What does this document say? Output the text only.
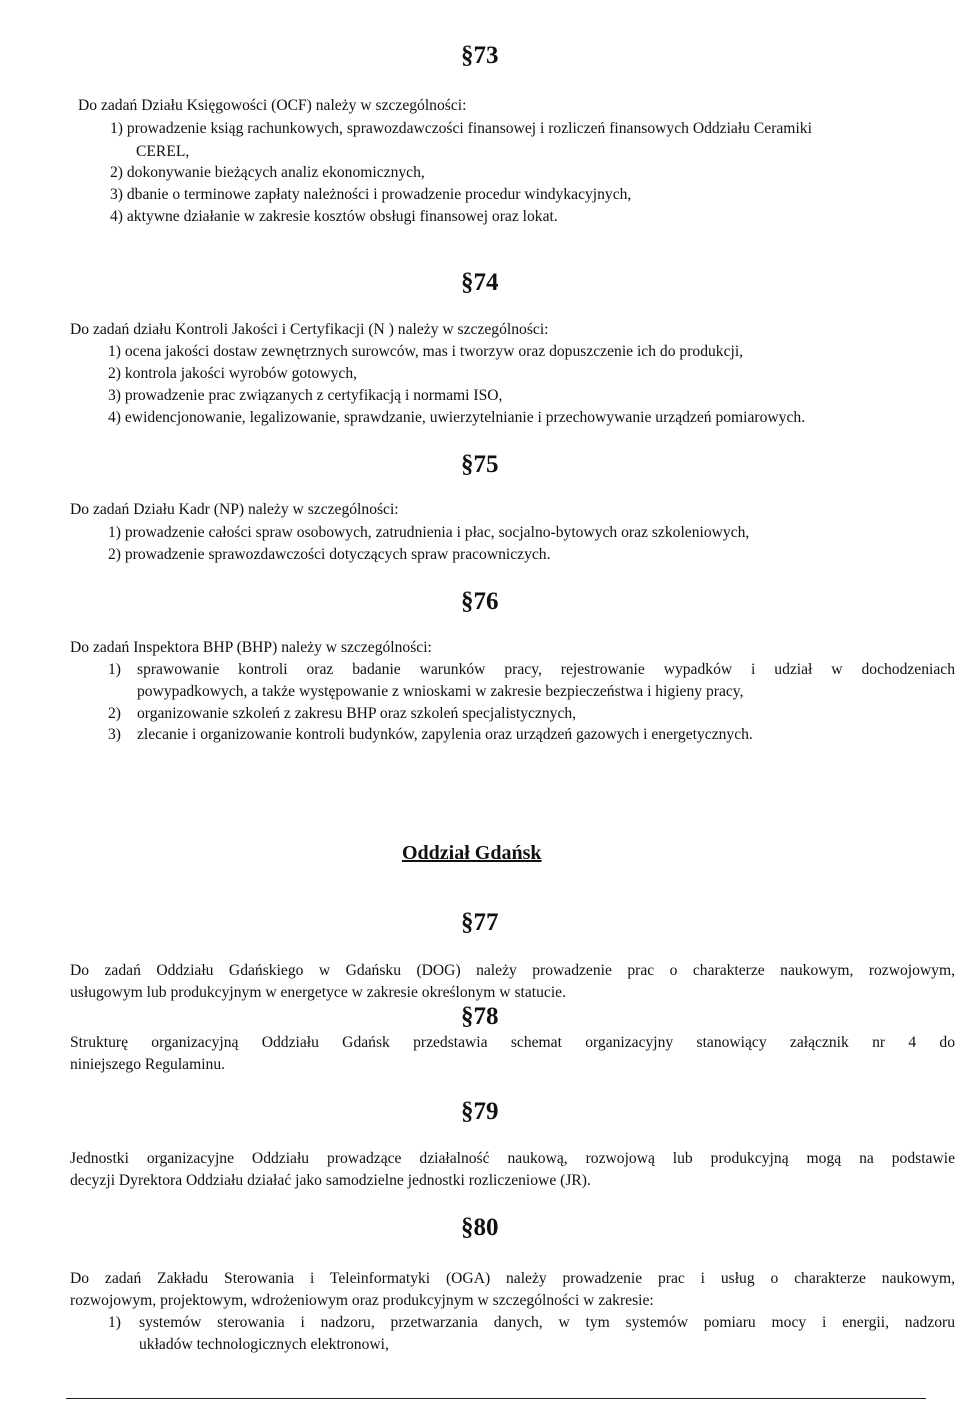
§73
Do zadań Działu Księgowości (OCF) należy w szczególności:
1) prowadzenie ksiąg rachunkowych, sprawozdawczości finansowej i rozliczeń finansowych Oddziału Ceramiki
CEREL,
2) dokonywanie bieżących analiz ekonomicznych,
3) dbanie o terminowe zapłaty należności i prowadzenie procedur windykacyjnych,
4) aktywne działanie w zakresie kosztów obsługi finansowej oraz lokat.
§74
Do zadań działu Kontroli Jakości i Certyfikacji (N ) należy w szczególności:
1) ocena jakości dostaw zewnętrznych surowców, mas i tworzyw oraz dopuszczenie ich do produkcji,
2) kontrola jakości wyrobów gotowych,
3) prowadzenie prac związanych z certyfikacją i normami ISO,
4) ewidencjonowanie, legalizowanie, sprawdzanie, uwierzytelnianie i przechowywanie urządzeń pomiarowych.
§75
Do zadań Działu Kadr (NP) należy w szczególności:
1) prowadzenie całości spraw osobowych, zatrudnienia i płac, socjalno-bytowych oraz szkoleniowych,
2) prowadzenie sprawozdawczości dotyczących spraw pracowniczych.
§76
Do zadań Inspektora BHP (BHP) należy w szczególności:
1) sprawowanie kontroli oraz badanie warunków pracy, rejestrowanie wypadków i udział w dochodzeniach
powypadkowych, a także występowanie z wnioskami w zakresie bezpieczeństwa i higieny pracy,
2) organizowanie szkoleń z zakresu BHP oraz szkoleń specjalistycznych,
3) zlecanie i organizowanie kontroli budynków, zapylenia oraz urządzeń gazowych i energetycznych.
Oddział Gdańsk
§77
Do zadań Oddziału Gdańskiego w Gdańsku (DOG) należy prowadzenie prac o charakterze naukowym, rozwojowym,
usługowym lub produkcyjnym w energetyce w zakresie określonym w statucie.
§78
Strukturę organizacyjną Oddziału Gdańsk przedstawia schemat organizacyjny stanowiący załącznik nr 4 do
niniejszego Regulaminu.
§79
Jednostki organizacyjne Oddziału prowadzące działalność naukową, rozwojową lub produkcyjną mogą na podstawie
decyzji Dyrektora Oddziału działać jako samodzielne jednostki rozliczeniowe (JR).
§80
Do zadań Zakładu Sterowania i Teleinformatyki (OGA) należy prowadzenie prac i usług o charakterze naukowym,
rozwojowym, projektowym, wdrożeniowym oraz produkcyjnym w szczególności w zakresie:
1) systemów sterowania i nadzoru, przetwarzania danych, w tym systemów pomiaru mocy i energii, nadzoru
układów technologicznych elektronowi,
